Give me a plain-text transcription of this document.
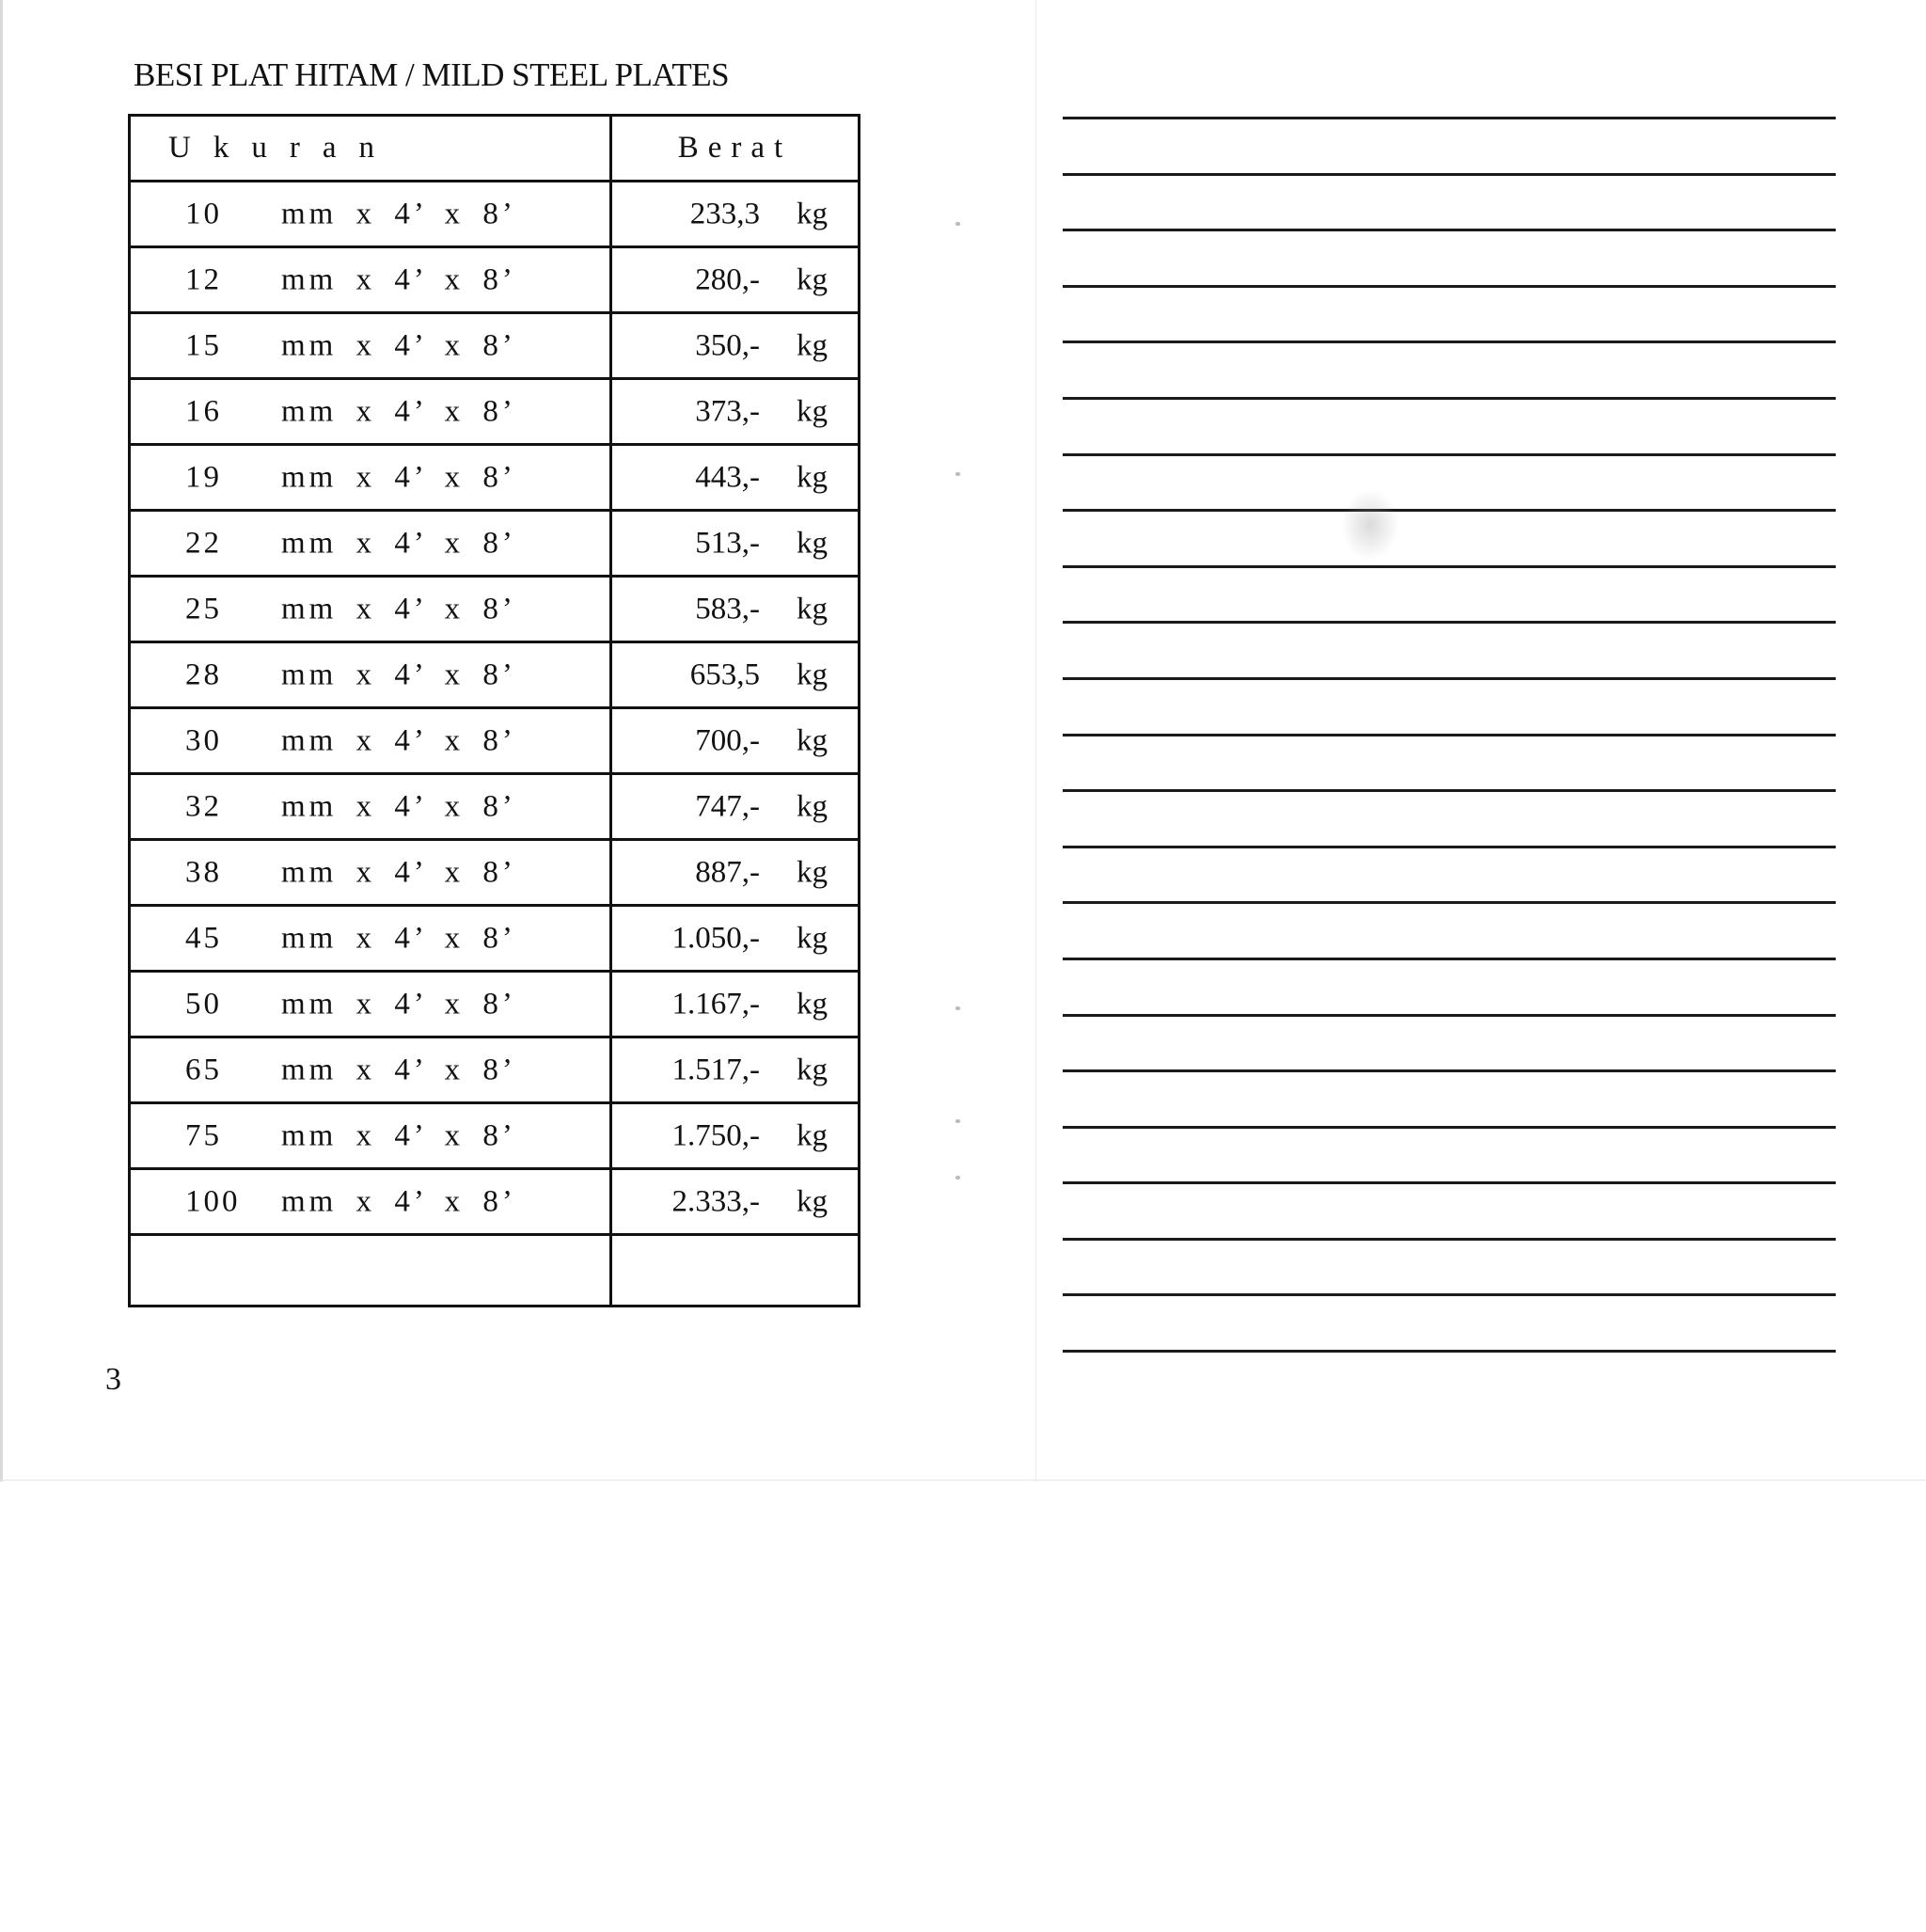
BESI PLAT HITAM / MILD STEEL PLATES
Ukuran	Berat

10 mm x 4’ x 8’	233,3 kg

12 mm x 4’ x 8’	280,- kg

15 mm x 4’ x 8’	350,- kg

16 mm x 4’ x 8’	373,- kg

19 mm x 4’ x 8’	443,- kg

22 mm x 4’ x 8’	513,- kg

25 mm x 4’ x 8’	583,- kg

28 mm x 4’ x 8’	653,5 kg

30 mm x 4’ x 8’	700,- kg

32 mm x 4’ x 8’	747,- kg

38 mm x 4’ x 8’	887,- kg

45 mm x 4’ x 8’	1.050,- kg

50 mm x 4’ x 8’	1.167,- kg

65 mm x 4’ x 8’	1.517,- kg

75 mm x 4’ x 8’	1.750,- kg

100 mm x 4’ x 8’	2.333,- kg

3
